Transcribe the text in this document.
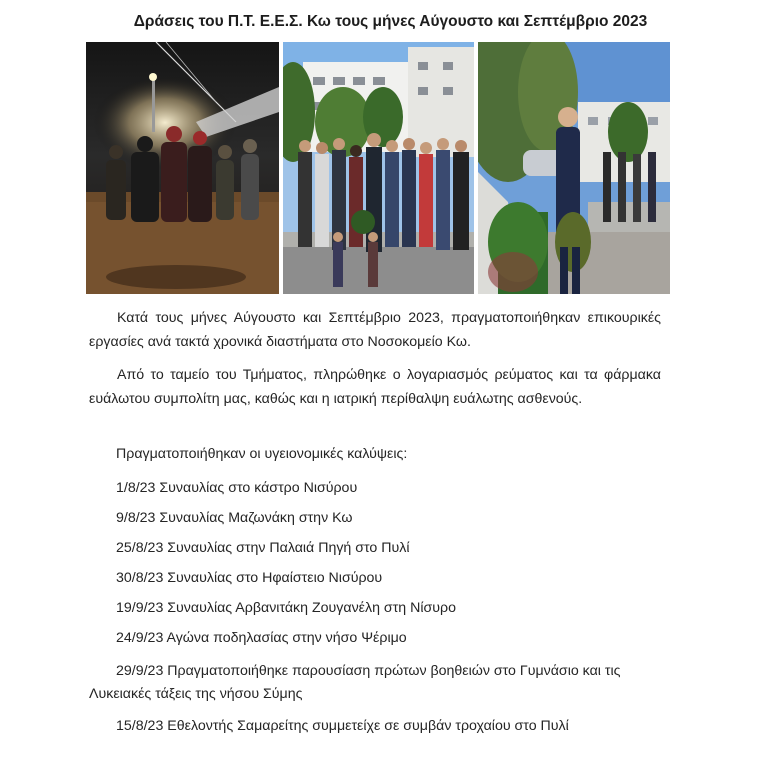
Δράσεις του Π.Τ. Ε.Ε.Σ. Κω τους μήνες Αύγουστο και Σεπτέμβριο 2023
Κατά τους μήνες Αύγουστο και Σεπτέμβριο 2023, πραγματοποιήθηκαν επικουρικές εργασίες ανά τακτά χρονικά διαστήματα στο Νοσοκομείο Κω.
Από το ταμείο του Τμήματος, πληρώθηκε ο λογαριασμός ρεύματος και τα φάρμακα ευάλωτου συμπολίτη μας, καθώς και η ιατρική περίθαλψη ευάλωτης ασθενούς.
Πραγματοποιήθηκαν οι υγειονομικές καλύψεις:
1/8/23 Συναυλίας στο κάστρο Νισύρου
9/8/23 Συναυλίας Μαζωνάκη στην Κω
25/8/23 Συναυλίας στην Παλαιά Πηγή στο Πυλί
30/8/23 Συναυλίας στο Ηφαίστειο Νισύρου
19/9/23 Συναυλίας Αρβανιτάκη Ζουγανέλη στη Νίσυρο
24/9/23 Αγώνα ποδηλασίας στην νήσο Ψέριμο
29/9/23 Πραγματοποιήθηκε παρουσίαση πρώτων βοηθειών στο Γυμνάσιο και τις Λυκειακές τάξεις της νήσου Σύμης
15/8/23 Εθελοντής Σαμαρείτης συμμετείχε σε συμβάν τροχαίου στο Πυλί
